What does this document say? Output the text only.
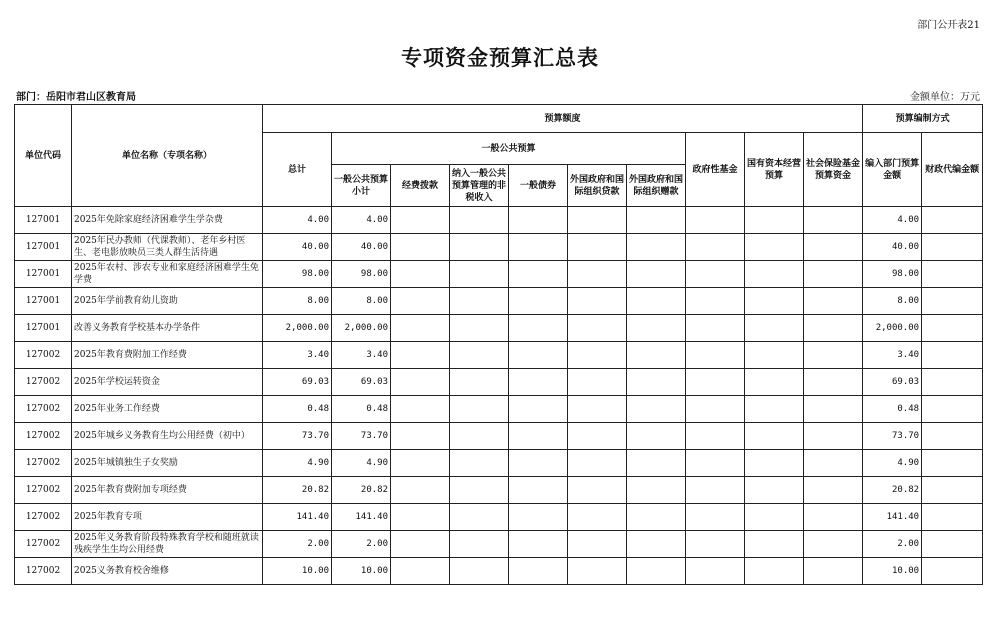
部门公开表21
专项资金预算汇总表
部门：岳阳市君山区教育局	金额单位：万元
单位代码	单位名称（专项名称）	预算额度										预算编制方式	
		总计	一般公共预算						政府性基金	国有资本经营预算	社会保险基金预算资金	编入部门预算金额	财政代编金额
			一般公共预算小计	经费拨款	纳入一般公共预算管理的非税收入	一般债券	外国政府和国际组织贷款	外国政府和国际组织赠款					
127001	2025年免除家庭经济困难学生学杂费	4.00	4.00									4.00	
127001	2025年民办教师（代课教师）、老年乡村医生、老电影放映员三类人群生活待遇	40.00	40.00									40.00	
127001	2025年农村、涉农专业和家庭经济困难学生免学费	98.00	98.00									98.00	
127001	2025年学前教育幼儿资助	8.00	8.00									8.00	
127001	改善义务教育学校基本办学条件	2,000.00	2,000.00									2,000.00	
127002	2025年教育费附加工作经费	3.40	3.40									3.40	
127002	2025年学校运转资金	69.03	69.03									69.03	
127002	2025年业务工作经费	0.48	0.48									0.48	
127002	2025年城乡义务教育生均公用经费（初中）	73.70	73.70									73.70	
127002	2025年城镇独生子女奖励	4.90	4.90									4.90	
127002	2025年教育费附加专项经费	20.82	20.82									20.82	
127002	2025年教育专项	141.40	141.40									141.40	
127002	2025年义务教育阶段特殊教育学校和随班就读残疾学生生均公用经费	2.00	2.00									2.00	
127002	2025义务教育校舍维修	10.00	10.00									10.00	
